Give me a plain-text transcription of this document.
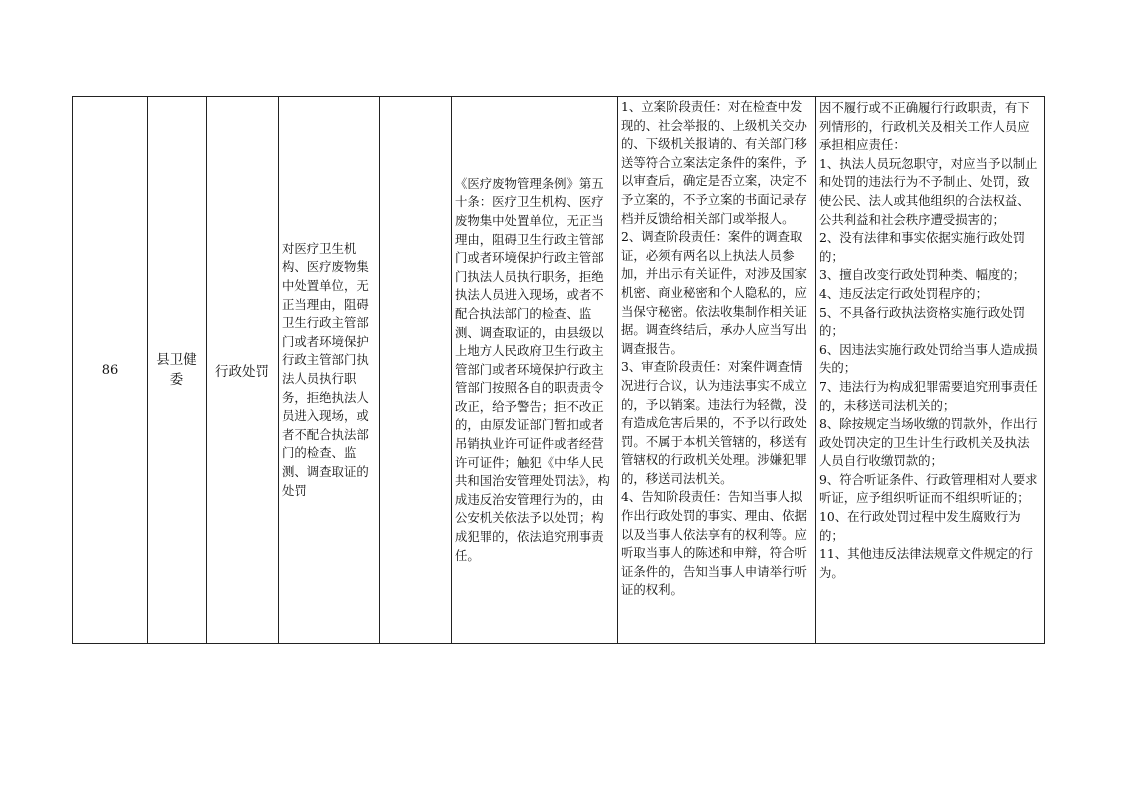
86
县卫健委	行政处罚
对医疗卫生机构、医疗废物集中处置单位，无正当理由，阻碍卫生行政主管部门或者环境保护行政主管部门执法人员执行职务，拒绝执法人员进入现场，或者不配合执法部门的检查、监测、调查取证的处罚
《医疗废物管理条例》第五十条：医疗卫生机构、医疗废物集中处置单位，无正当理由，阻碍卫生行政主管部门或者环境保护行政主管部门执法人员执行职务，拒绝执法人员进入现场，或者不配合执法部门的检查、监测、调查取证的，由县级以上地方人民政府卫生行政主管部门或者环境保护行政主管部门按照各自的职责责令改正，给予警告；拒不改正的，由原发证部门暂扣或者吊销执业许可证件或者经营许可证件；触犯《中华人民共和国治安管理处罚法》，构成违反治安管理行为的，由公安机关依法予以处罚；构成犯罪的，依法追究刑事责任。
1、立案阶段责任：对在检查中发现的、社会举报的、上级机关交办的、下级机关报请的、有关部门移送等符合立案法定条件的案件，予以审查后，确定是否立案，决定不予立案的，不予立案的书面记录存档并反馈给相关部门或举报人。
2、调查阶段责任：案件的调查取证，必须有两名以上执法人员参加，并出示有关证件，对涉及国家机密、商业秘密和个人隐私的，应当保守秘密。依法收集制作相关证据。调查终结后，承办人应当写出调查报告。
3、审查阶段责任：对案件调查情况进行合议，认为违法事实不成立的，予以销案。违法行为轻微，没有造成危害后果的，不予以行政处罚。不属于本机关管辖的，移送有管辖权的行政机关处理。涉嫌犯罪的，移送司法机关。
4、告知阶段责任：告知当事人拟作出行政处罚的事实、理由、依据以及当事人依法享有的权利等。应听取当事人的陈述和申辩，符合听证条件的，告知当事人申请举行听证的权利。
因不履行或不正确履行行政职责，有下列情形的，行政机关及相关工作人员应承担相应责任：
1、执法人员玩忽职守，对应当予以制止和处罚的违法行为不予制止、处罚，致使公民、法人或其他组织的合法权益、公共利益和社会秩序遭受损害的；
2、没有法律和事实依据实施行政处罚的；
3、擅自改变行政处罚种类、幅度的；
4、违反法定行政处罚程序的；
5、不具备行政执法资格实施行政处罚的；
6、因违法实施行政处罚给当事人造成损失的；
7、违法行为构成犯罪需要追究刑事责任的，未移送司法机关的；
8、除按规定当场收缴的罚款外，作出行政处罚决定的卫生计生行政机关及执法人员自行收缴罚款的；
9、符合听证条件、行政管理相对人要求听证，应予组织听证而不组织听证的；
10、在行政处罚过程中发生腐败行为的；
11、其他违反法律法规章文件规定的行为。
